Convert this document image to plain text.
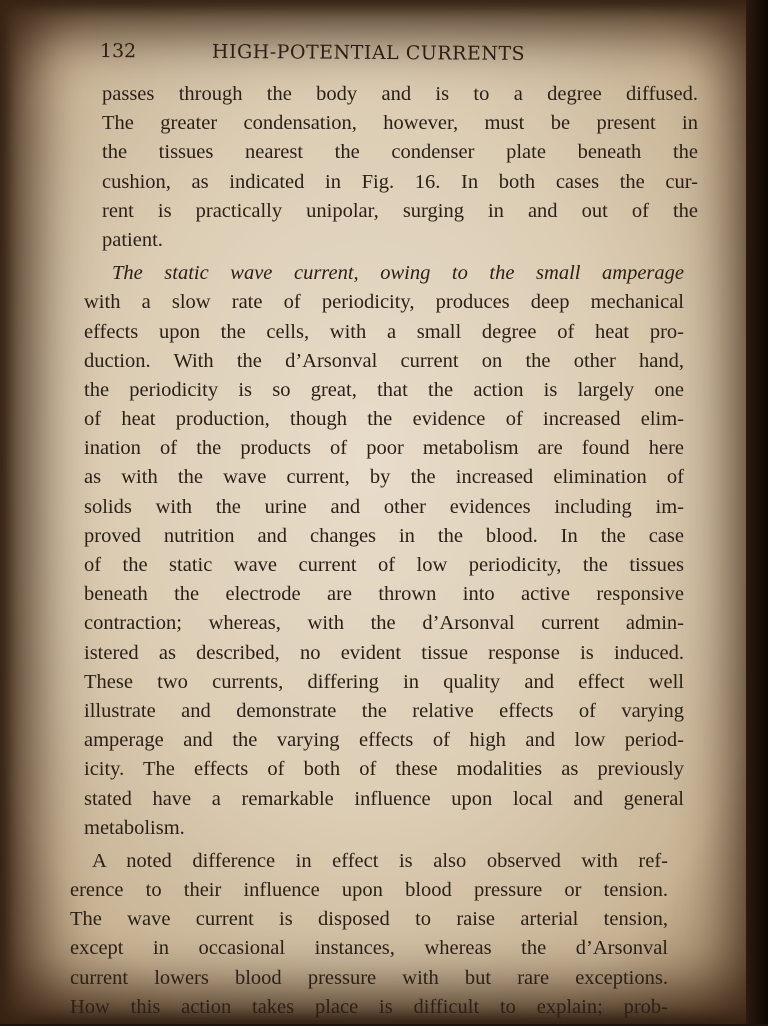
132	HIGH-POTENTIAL CURRENTS
passes through the body and is to a degree diffused.
The greater condensation, however, must be present in
the tissues nearest the condenser plate beneath the
cushion, as indicated in Fig. 16. In both cases the cur-
rent is practically unipolar, surging in and out of the
patient.
The static wave current, owing to the small amperage
with a slow rate of periodicity, produces deep mechanical
effects upon the cells, with a small degree of heat pro-
duction. With the d’Arsonval current on the other hand,
the periodicity is so great, that the action is largely one
of heat production, though the evidence of increased elim-
ination of the products of poor metabolism are found here
as with the wave current, by the increased elimination of
solids with the urine and other evidences including im-
proved nutrition and changes in the blood. In the case
of the static wave current of low periodicity, the tissues
beneath the electrode are thrown into active responsive
contraction; whereas, with the d’Arsonval current admin-
istered as described, no evident tissue response is induced.
These two currents, differing in quality and effect well
illustrate and demonstrate the relative effects of varying
amperage and the varying effects of high and low period-
icity. The effects of both of these modalities as previously
stated have a remarkable influence upon local and general
metabolism.
A noted difference in effect is also observed with ref-
erence to their influence upon blood pressure or tension.
The wave current is disposed to raise arterial tension,
except in occasional instances, whereas the d’Arsonval
current lowers blood pressure with but rare exceptions.
How this action takes place is difficult to explain; prob-
